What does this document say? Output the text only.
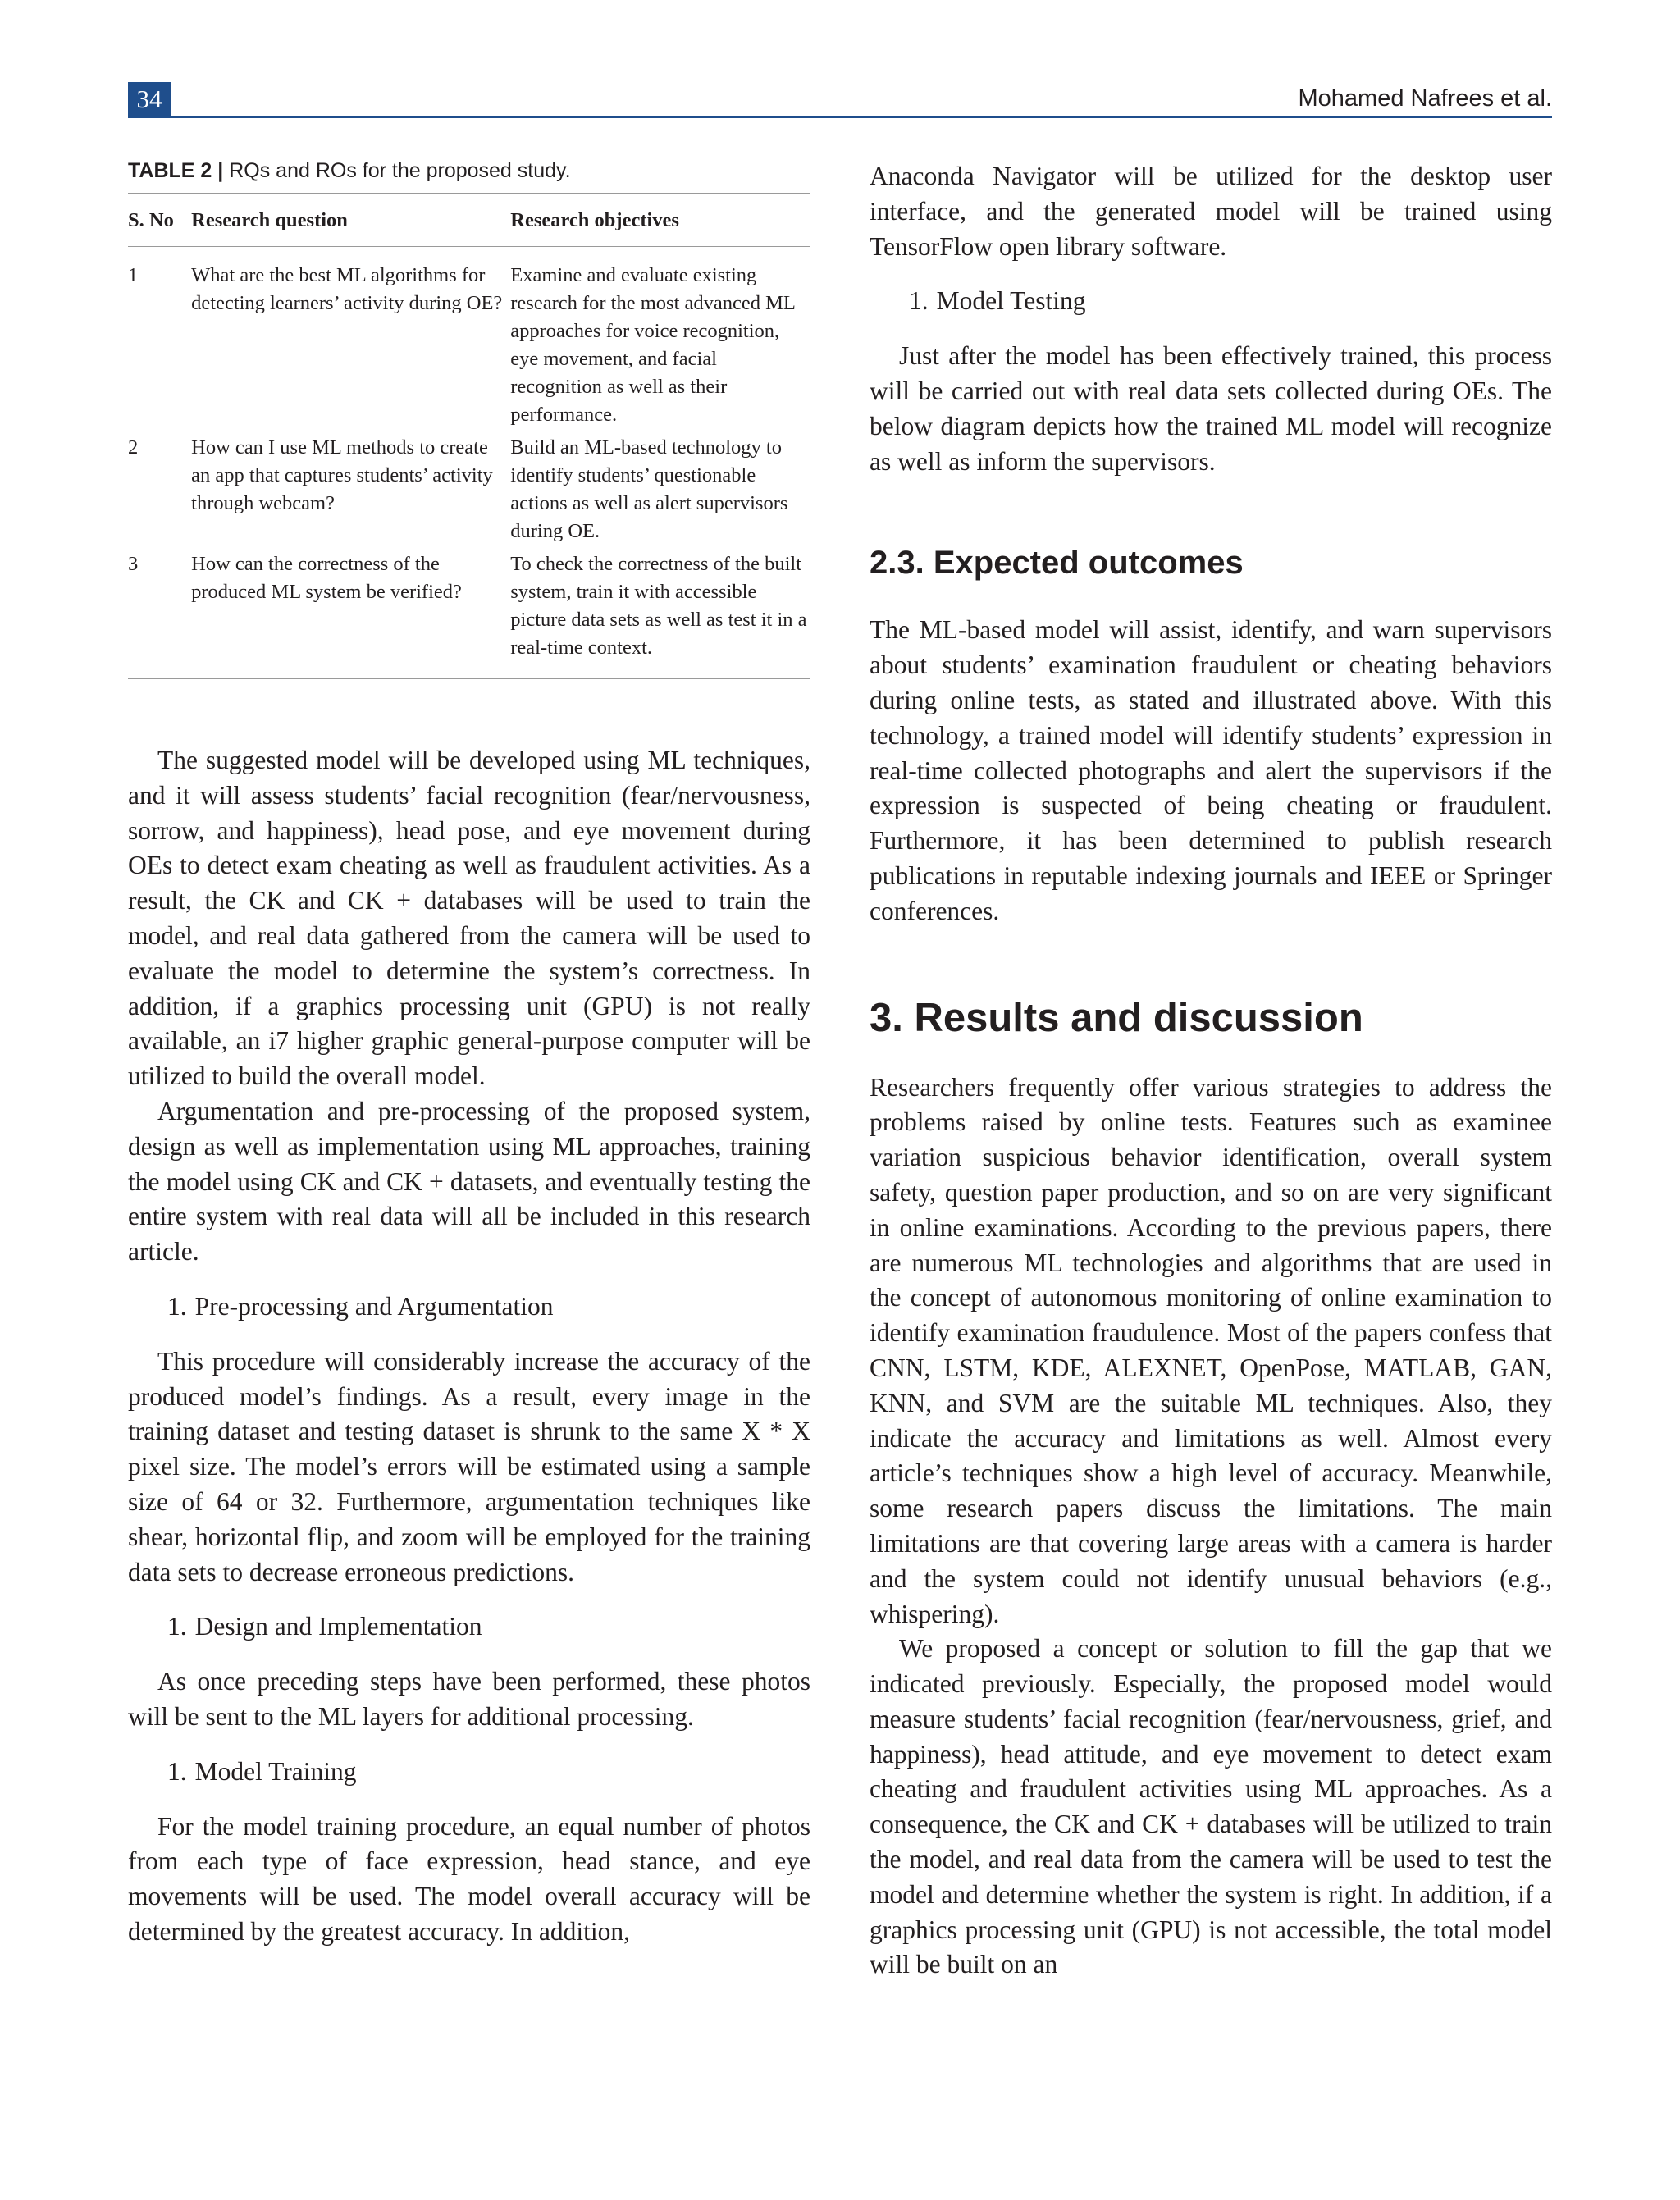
34	Mohamed Nafrees et al.

TABLE 2 | RQs and ROs for the proposed study.

S. No	Research question	Research objectives
1	What are the best ML algorithms for detecting learners’ activity during OE?	Examine and evaluate existing research for the most advanced ML approaches for voice recognition, eye movement, and facial recognition as well as their performance.
2	How can I use ML methods to create an app that captures students’ activity through webcam?	Build an ML-based technology to identify students’ questionable actions as well as alert supervisors during OE.
3	How can the correctness of the produced ML system be verified?	To check the correctness of the built system, train it with accessible picture data sets as well as test it in a real-time context.

The suggested model will be developed using ML techniques, and it will assess students’ facial recognition (fear/nervousness, sorrow, and happiness), head pose, and eye movement during OEs to detect exam cheating as well as fraudulent activities. As a result, the CK and CK + databases will be used to train the model, and real data gathered from the camera will be used to evaluate the model to determine the system’s correctness. In addition, if a graphics processing unit (GPU) is not really available, an i7 higher graphic general-purpose computer will be utilized to build the overall model.

Argumentation and pre-processing of the proposed system, design as well as implementation using ML approaches, training the model using CK and CK + datasets, and eventually testing the entire system with real data will all be included in this research article.

1. Pre-processing and Argumentation

This procedure will considerably increase the accuracy of the produced model’s findings. As a result, every image in the training dataset and testing dataset is shrunk to the same X * X pixel size. The model’s errors will be estimated using a sample size of 64 or 32. Furthermore, argumentation techniques like shear, horizontal flip, and zoom will be employed for the training data sets to decrease erroneous predictions.

1. Design and Implementation

As once preceding steps have been performed, these photos will be sent to the ML layers for additional processing.

1. Model Training

For the model training procedure, an equal number of photos from each type of face expression, head stance, and eye movements will be used. The model overall accuracy will be determined by the greatest accuracy. In addition,

Anaconda Navigator will be utilized for the desktop user interface, and the generated model will be trained using TensorFlow open library software.

1. Model Testing

Just after the model has been effectively trained, this process will be carried out with real data sets collected during OEs. The below diagram depicts how the trained ML model will recognize as well as inform the supervisors.

2.3. Expected outcomes

The ML-based model will assist, identify, and warn supervisors about students’ examination fraudulent or cheating behaviors during online tests, as stated and illustrated above. With this technology, a trained model will identify students’ expression in real-time collected photographs and alert the supervisors if the expression is suspected of being cheating or fraudulent. Furthermore, it has been determined to publish research publications in reputable indexing journals and IEEE or Springer conferences.

3. Results and discussion

Researchers frequently offer various strategies to address the problems raised by online tests. Features such as examinee variation suspicious behavior identification, overall system safety, question paper production, and so on are very significant in online examinations. According to the previous papers, there are numerous ML technologies and algorithms that are used in the concept of autonomous monitoring of online examination to identify examination fraudulence. Most of the papers confess that CNN, LSTM, KDE, ALEXNET, OpenPose, MATLAB, GAN, KNN, and SVM are the suitable ML techniques. Also, they indicate the accuracy and limitations as well. Almost every article’s techniques show a high level of accuracy. Meanwhile, some research papers discuss the limitations. The main limitations are that covering large areas with a camera is harder and the system could not identify unusual behaviors (e.g., whispering).

We proposed a concept or solution to fill the gap that we indicated previously. Especially, the proposed model would measure students’ facial recognition (fear/nervousness, grief, and happiness), head attitude, and eye movement to detect exam cheating and fraudulent activities using ML approaches. As a consequence, the CK and CK + databases will be utilized to train the model, and real data from the camera will be used to test the model and determine whether the system is right. In addition, if a graphics processing unit (GPU) is not accessible, the total model will be built on an
